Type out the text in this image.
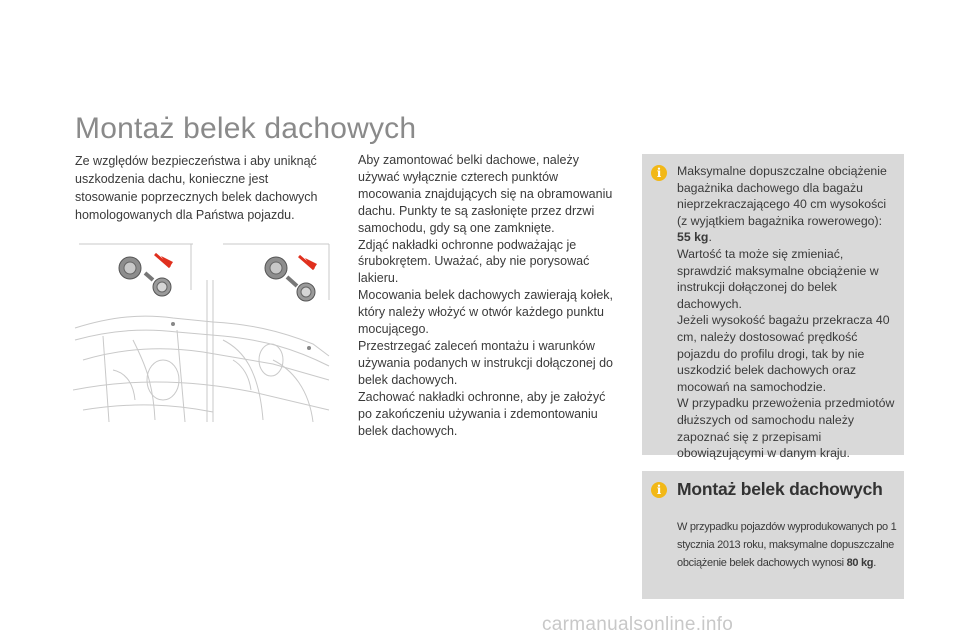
Montaż belek dachowych

Ze względów bezpieczeństwa i aby uniknąć uszkodzenia dachu, konieczne jest stosowanie poprzecznych belek dachowych homologowanych dla Państwa pojazdu.

Aby zamontować belki dachowe, należy używać wyłącznie czterech punktów mocowania znajdujących się na obramowaniu dachu. Punkty te są zasłonięte przez drzwi samochodu, gdy są one zamknięte.

Zdjąć nakładki ochronne podważając je śrubokrętem. Uważać, aby nie porysować lakieru.

Mocowania belek dachowych zawierają kołek, który należy włożyć w otwór każdego punktu mocującego.

Przestrzegać zaleceń montażu i warunków używania podanych w instrukcji dołączonej do belek dachowych.

Zachować nakładki ochronne, aby je założyć po zakończeniu używania i zdemontowaniu belek dachowych.

i	Maksymalne dopuszczalne obciążenie bagażnika dachowego dla bagażu nieprzekraczającego 40 cm wysokości (z wyjątkiem bagażnika rowerowego):
55 kg.

Wartość ta może się zmieniać, sprawdzić maksymalne obciążenie w instrukcji dołączonej do belek dachowych.

Jeżeli wysokość bagażu przekracza 40 cm, należy dostosować prędkość pojazdu do profilu drogi, tak by nie uszkodzić belek dachowych oraz mocowań na samochodzie.

W przypadku przewożenia przedmiotów dłuższych od samochodu należy zapoznać się z przepisami obowiązującymi w danym kraju.

i Montaż belek dachowych

W przypadku pojazdów wyprodukowanych po 1 stycznia 2013 roku, maksymalne dopuszczalne obciążenie belek dachowych wynosi 80 kg.

carmanualsonline.info
